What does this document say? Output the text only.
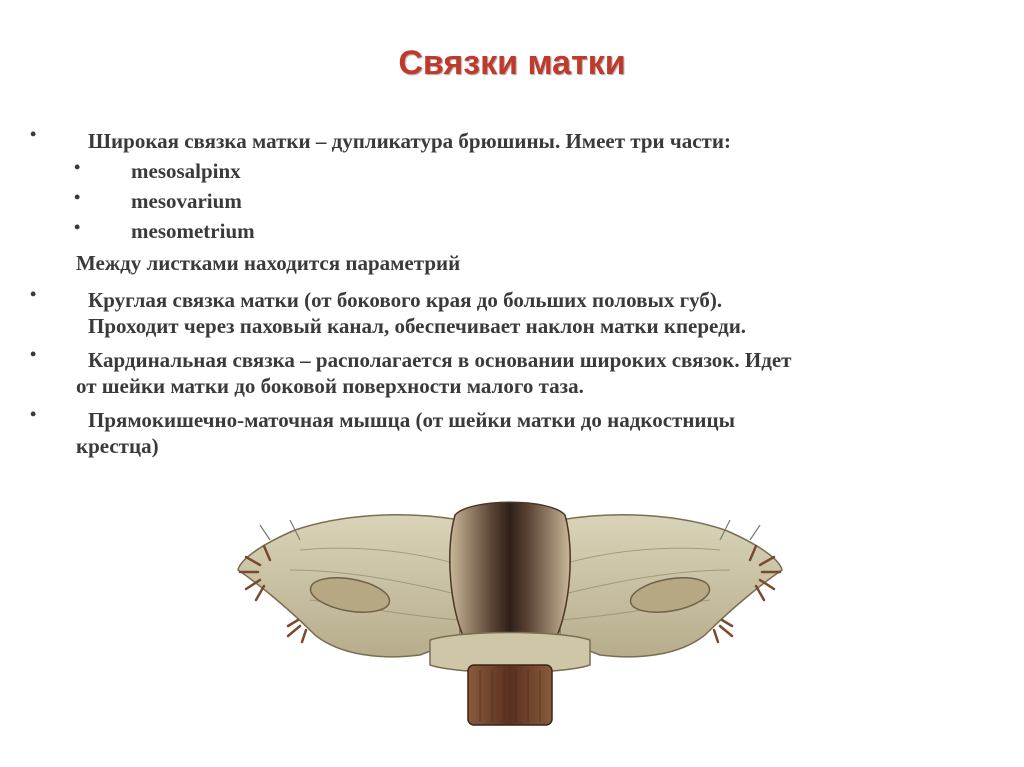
Связки матки
• Широкая связка матки – дупликатура брюшины. Имеет три части:
• mesosalpinx
• mesovarium
• mesometrium
Между листками находится параметрий
• Круглая связка матки (от бокового края до больших половых губ).
Проходит через паховый канал, обеспечивает наклон матки кпереди.
• Кардинальная связка – располагается в основании широких связок. Идет
от шейки матки до боковой поверхности малого таза.
• Прямокишечно-маточная мышца (от шейки матки до надкостницы
крестца)
